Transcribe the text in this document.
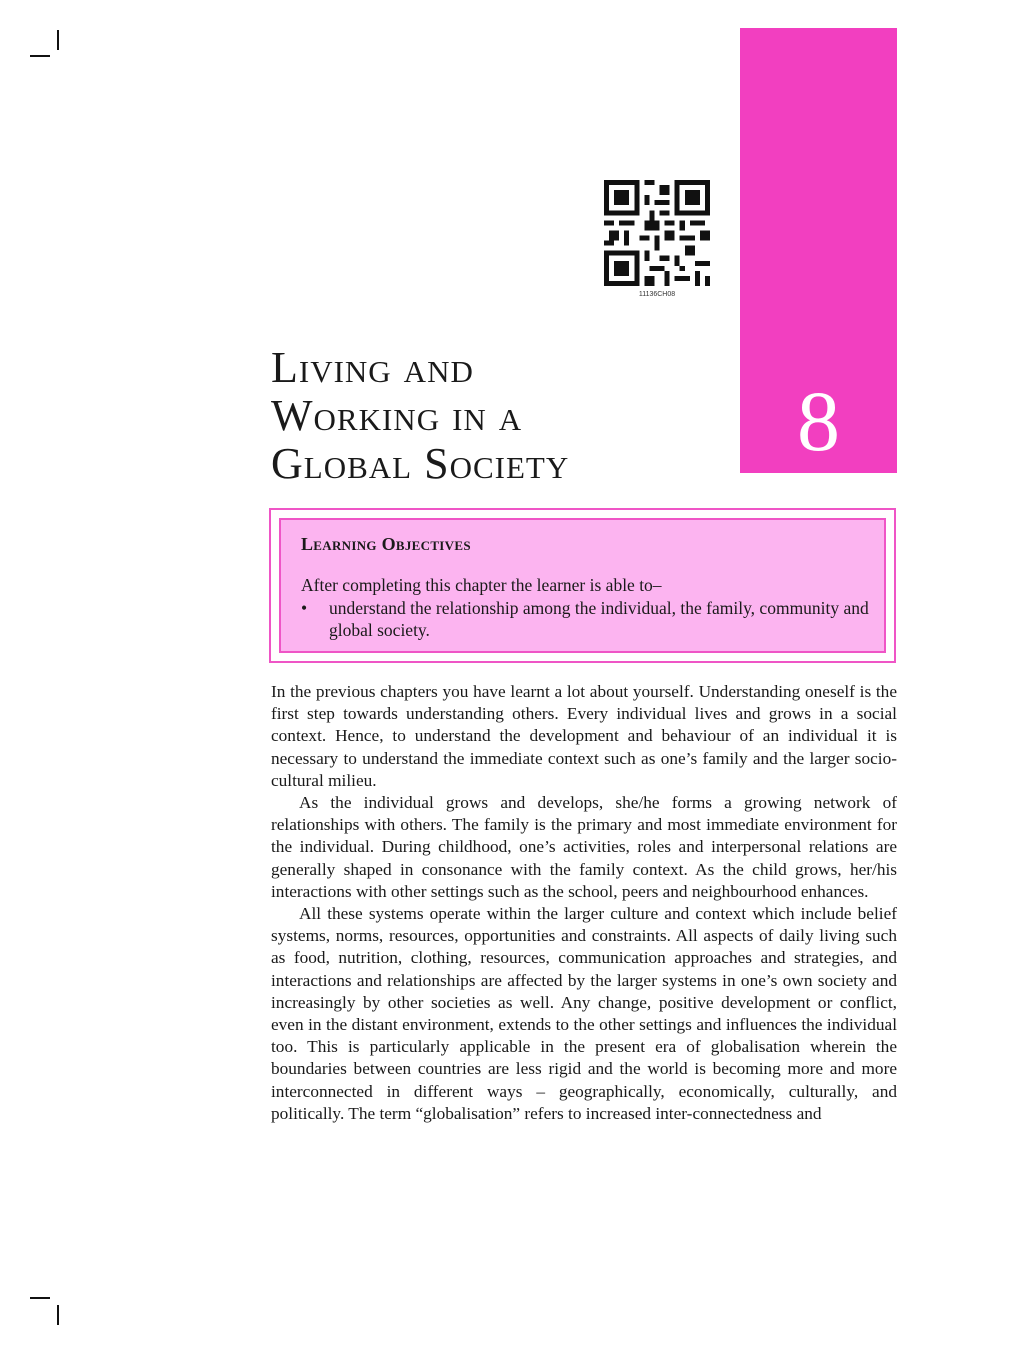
8
11136CH08
Living and
Working in a
Global Society
Learning Objectives
After completing this chapter the learner is able to–
• understand the relationship among the individual, the family, community and global society.

In the previous chapters you have learnt a lot about yourself. Understanding oneself is the first step towards understanding others. Every individual lives and grows in a social context. Hence, to understand the development and behaviour of an individual it is necessary to understand the immediate context such as one’s family and the larger socio-cultural milieu.

As the individual grows and develops, she/he forms a growing network of relationships with others. The family is the primary and most immediate environment for the individual. During childhood, one’s activities, roles and interpersonal relations are generally shaped in consonance with the family context. As the child grows, her/his interactions with other settings such as the school, peers and neighbourhood enhances.

All these systems operate within the larger culture and context which include belief systems, norms, resources, opportunities and constraints. All aspects of daily living such as food, nutrition, clothing, resources, communication approaches and strategies, and interactions and relationships are affected by the larger systems in one’s own society and increasingly by other societies as well. Any change, positive development or conflict, even in the distant environment, extends to the other settings and influences the individual too. This is particularly applicable in the present era of globalisation wherein the boundaries between countries are less rigid and the world is becoming more and more interconnected in different ways – geographically, economically, culturally, and politically. The term “globalisation” refers to increased inter-connectedness and
